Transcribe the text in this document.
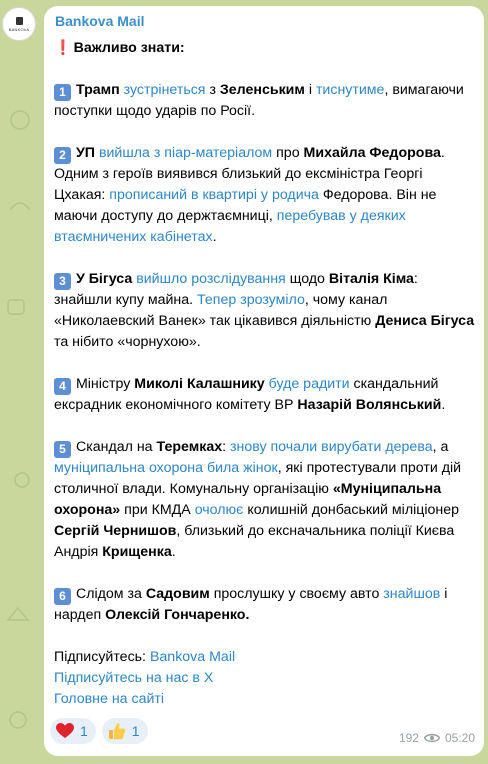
BANKOVA Bankova Mail

❗ Важливо знати:

1 Трамп зустрінеться з Зеленським і тиснутиме, вимагаючи поступки щодо ударів по Росії.

2 УП вийшла з піар-матеріалом про Михайла Федорова. Одним з героїв виявився близький до ексміністра Георгі Цхакая: прописаний в квартирі у родича Федорова. Він не маючи доступу до держтаємниці, перебував у деяких втаємничених кабінетах.

3 У Бігуса вийшло розслідування щодо Віталія Кіма: знайшли купу майна. Тепер зрозуміло, чому канал «Николаевский Ванек» так цікавився діяльністю Дениса Бігуса та нібито «чорнухою».

4 Міністру Миколі Калашнику буде радити скандальний ексрадник економічного комітету ВР Назарій Волянський.

5 Скандал на Теремках: знову почали вирубати дерева, а муніципальна охорона била жінок, які протестували проти дій столичної влади. Комунальну організацію «Муніципальна охорона» при КМДА очолює колишній донбаський міліціонер Сергій Чернишов, близький до ексначальника поліції Києва Андрія Крищенка.

6 Слідом за Садовим прослушку у своєму авто знайшов і нардеп Олексій Гончаренко.

Підписуйтесь: Bankova Mail

Підписуйтесь на нас в Х

Головне на сайті

1	1	192 05:20
